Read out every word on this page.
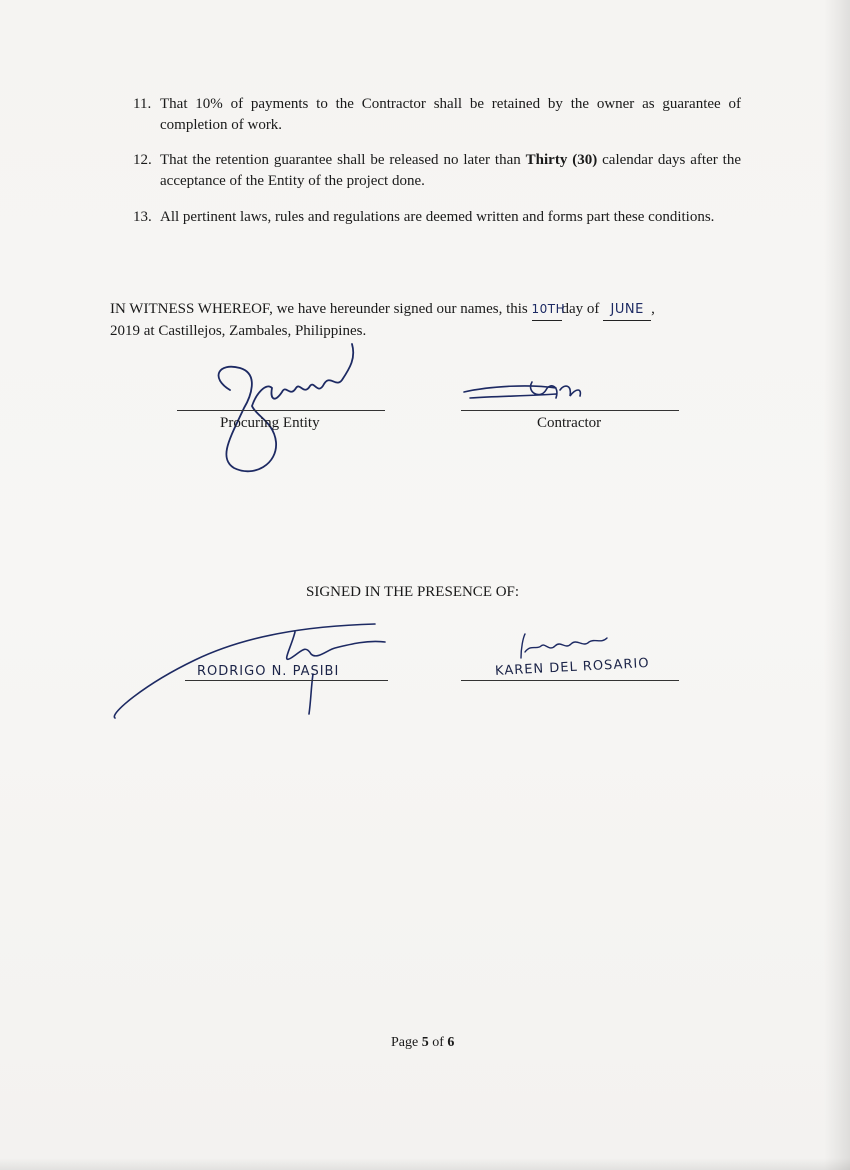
11. That 10% of payments to the Contractor shall be retained by the owner as guarantee of completion of work.
12. That the retention guarantee shall be released no later than Thirty (30) calendar days after the acceptance of the Entity of the project done.
13. All pertinent laws, rules and regulations are deemed written and forms part these conditions.
IN WITNESS WHEREOF, we have hereunder signed our names, this 10THday of JUNE ,
2019 at Castillejos, Zambales, Philippines.
Procuring Entity	Contractor
SIGNED IN THE PRESENCE OF:
RODRIGO N. PASIBI	KAREN DEL ROSARIO
Page 5 of 6
